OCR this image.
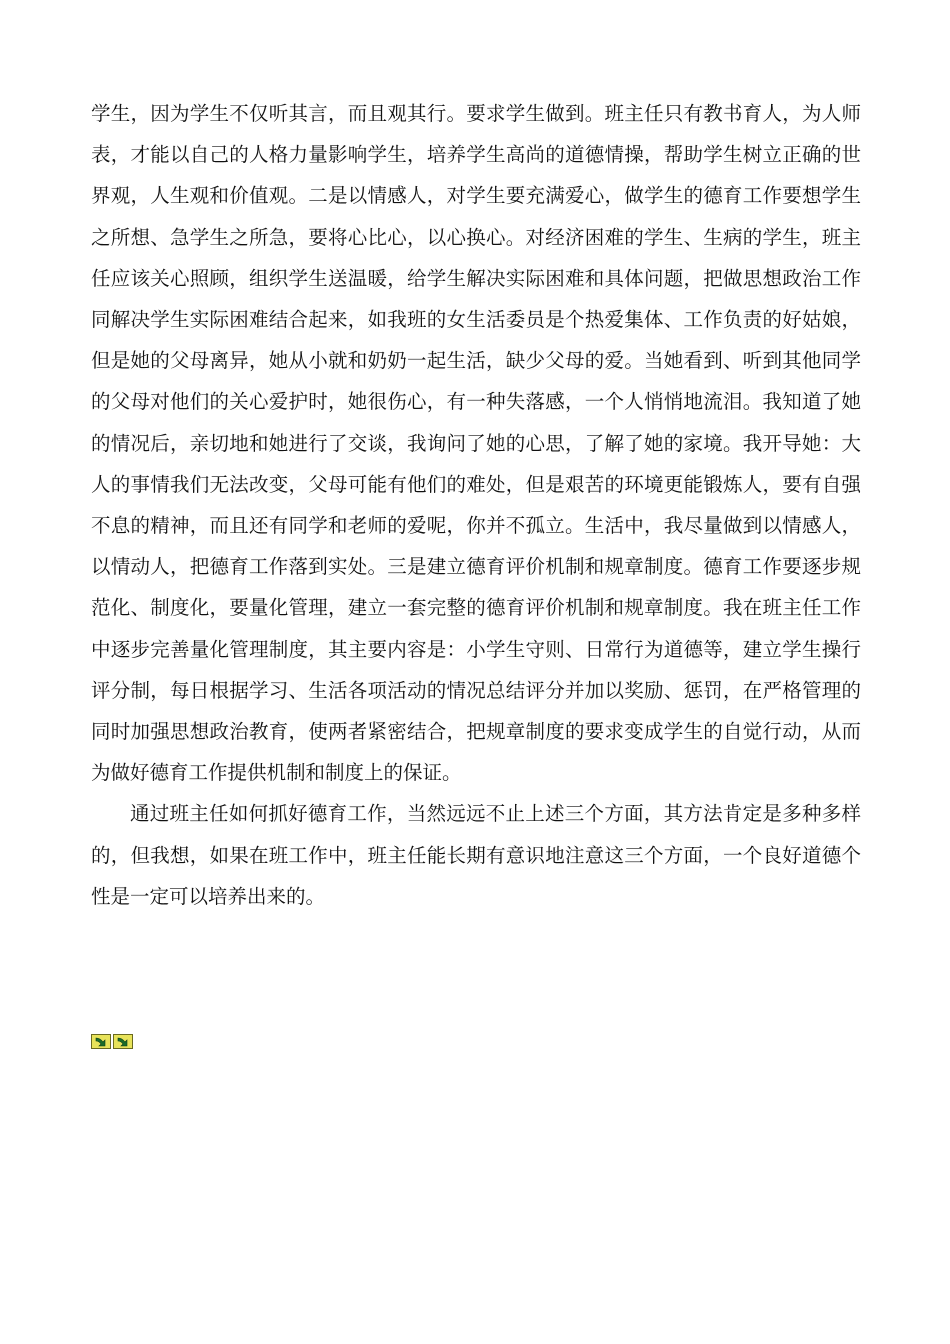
学生，因为学生不仅听其言，而且观其行。要求学生做到。班主任只有教书育人，为人师表，才能以自己的人格力量影响学生，培养学生高尚的道德情操，帮助学生树立正确的世界观，人生观和价值观。二是以情感人，对学生要充满爱心，做学生的德育工作要想学生之所想、急学生之所急，要将心比心，以心换心。对经济困难的学生、生病的学生，班主任应该关心照顾，组织学生送温暖，给学生解决实际困难和具体问题，把做思想政治工作同解决学生实际困难结合起来，如我班的女生活委员是个热爱集体、工作负责的好姑娘，但是她的父母离异，她从小就和奶奶一起生活，缺少父母的爱。当她看到、听到其他同学的父母对他们的关心爱护时，她很伤心，有一种失落感，一个人悄悄地流泪。我知道了她的情况后，亲切地和她进行了交谈，我询问了她的心思，了解了她的家境。我开导她：大人的事情我们无法改变，父母可能有他们的难处，但是艰苦的环境更能锻炼人，要有自强不息的精神，而且还有同学和老师的爱呢，你并不孤立。生活中，我尽量做到以情感人，以情动人，把德育工作落到实处。三是建立德育评价机制和规章制度。德育工作要逐步规范化、制度化，要量化管理，建立一套完整的德育评价机制和规章制度。我在班主任工作中逐步完善量化管理制度，其主要内容是：小学生守则、日常行为道德等，建立学生操行评分制，每日根据学习、生活各项活动的情况总结评分并加以奖励、惩罚，在严格管理的同时加强思想政治教育，使两者紧密结合，把规章制度的要求变成学生的自觉行动，从而为做好德育工作提供机制和制度上的保证。

通过班主任如何抓好德育工作，当然远远不止上述三个方面，其方法肯定是多种多样的，但我想，如果在班工作中，班主任能长期有意识地注意这三个方面，一个良好道德个性是一定可以培养出来的。
